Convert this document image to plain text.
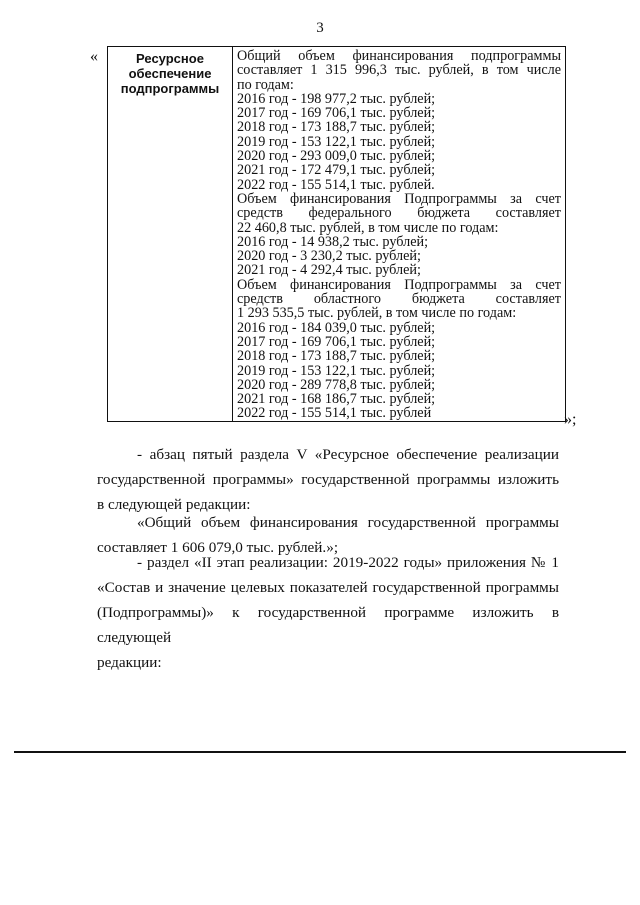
3
«	Ресурсное
обеспечение
подпрограммы

Общий объем финансирования подпрограммы
составляет 1 315 996,3 тыс. рублей, в том числе
по годам:
2016 год - 198 977,2 тыс. рублей;
2017 год - 169 706,1 тыс. рублей;
2018 год - 173 188,7 тыс. рублей;
2019 год - 153 122,1 тыс. рублей;
2020 год - 293 009,0 тыс. рублей;
2021 год - 172 479,1 тыс. рублей;
2022 год - 155 514,1 тыс. рублей.
Объем финансирования Подпрограммы за счет
средств федерального бюджета составляет
22 460,8 тыс. рублей, в том числе по годам:
2016 год - 14 938,2 тыс. рублей;
2020 год - 3 230,2 тыс. рублей;
2021 год - 4 292,4 тыс. рублей;
Объем финансирования Подпрограммы за счет
средств областного бюджета составляет
1 293 535,5 тыс. рублей, в том числе по годам:
2016 год - 184 039,0 тыс. рублей;
2017 год - 169 706,1 тыс. рублей;
2018 год - 173 188,7 тыс. рублей;
2019 год - 153 122,1 тыс. рублей;
2020 год - 289 778,8 тыс. рублей;
2021 год - 168 186,7 тыс. рублей;
2022 год - 155 514,1 тыс. рублей	»;
- абзац пятый раздела V «Ресурсное обеспечение реализации
государственной программы» государственной программы изложить
в следующей редакции:
«Общий объем финансирования государственной программы
составляет 1 606 079,0 тыс. рублей.»;
- раздел «II этап реализации: 2019-2022 годы» приложения № 1
«Состав и значение целевых показателей государственной программы
(Подпрограммы)» к государственной программе изложить в следующей
редакции:
